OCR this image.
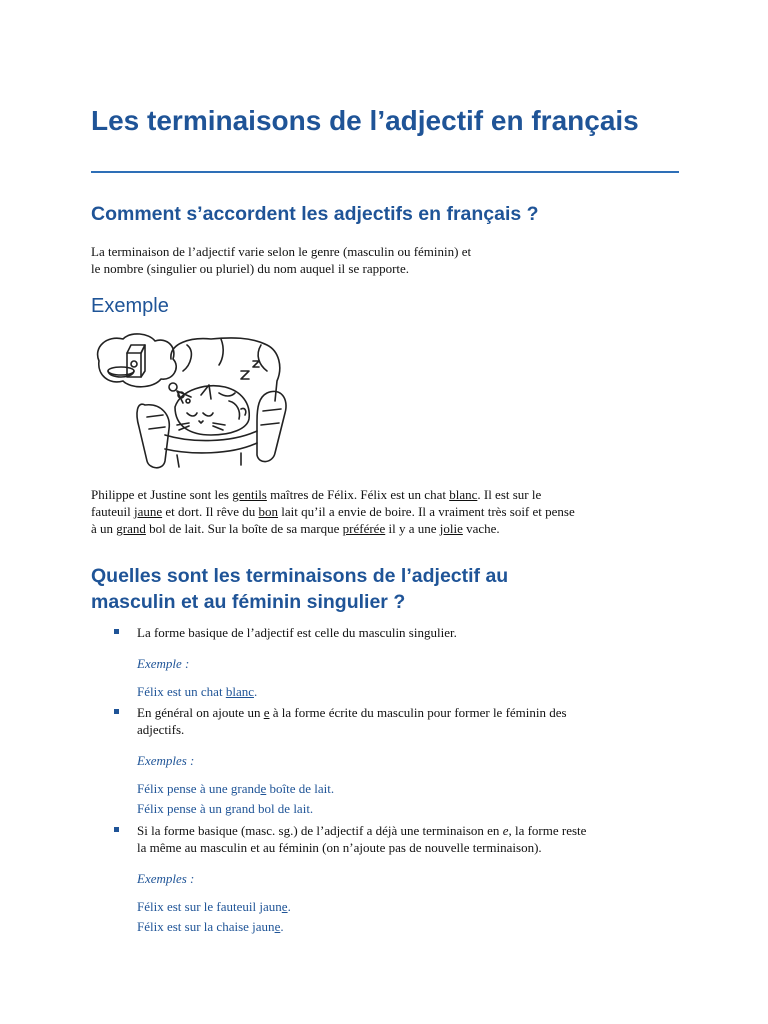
Les terminaisons de l’adjectif en français
Comment s’accordent les adjectifs en français ?

La terminaison de l’adjectif varie selon le genre (masculin ou féminin) et

le nombre (singulier ou pluriel) du nom auquel il se rapporte.

Exemple

Philippe et Justine sont les gentils maîtres de Félix. Félix est un chat blanc. Il est sur le

fauteuil jaune et dort. Il rêve du bon lait qu’il a envie de boire. Il a vraiment très soif et pense

à un grand bol de lait. Sur la boîte de sa marque préférée il y a une jolie vache.

Quelles sont les terminaisons de l’adjectif au
masculin et au féminin singulier ?
La forme basique de l’adjectif est celle du masculin singulier.
Exemple :
Félix est un chat blanc.
En général on ajoute un e à la forme écrite du masculin pour former le féminin des
adjectifs.
Exemples :
Félix pense à une grande boîte de lait.
Félix pense à un grand bol de lait.
Si la forme basique (masc. sg.) de l’adjectif a déjà une terminaison en e, la forme reste
la même au masculin et au féminin (on n’ajoute pas de nouvelle terminaison).
Exemples :
Félix est sur le fauteuil jaune.
Félix est sur la chaise jaune.
